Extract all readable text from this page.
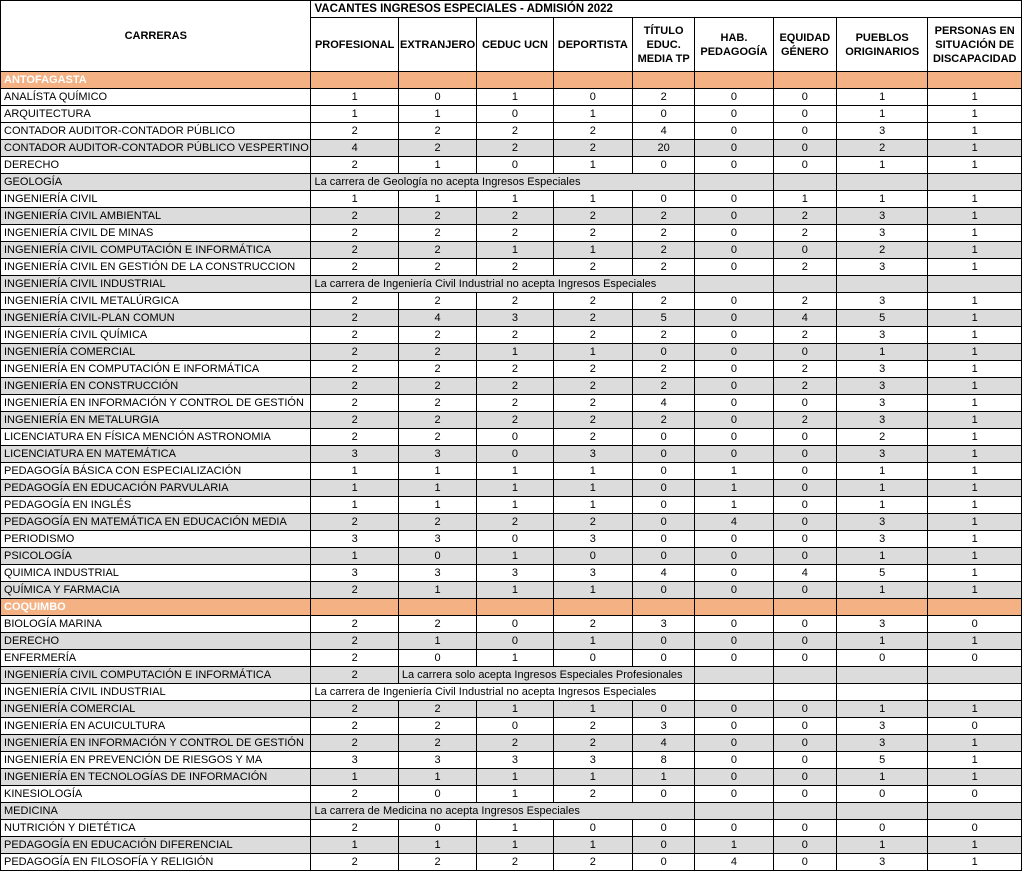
CARRERAS	VACANTES INGRESOS ESPECIALES - ADMISIÓN 2022								
	PROFESIONAL	EXTRANJERO	CEDUC UCN	DEPORTISTA	TÍTULO EDUC. MEDIA TP	HAB. PEDAGOGÍA	EQUIDAD GÉNERO	PUEBLOS ORIGINARIOS	PERSONAS EN SITUACIÓN DE DISCAPACIDAD
ANTOFAGASTA									
ANALÍSTA QUÍMICO	1	0	1	0	2	0	0	1	1
ARQUITECTURA	1	1	0	1	0	0	0	1	1
CONTADOR AUDITOR-CONTADOR PÚBLICO	2	2	2	2	4	0	0	3	1
CONTADOR AUDITOR-CONTADOR PÚBLICO VESPERTINO	4	2	2	2	20	0	0	2	1
DERECHO	2	1	0	1	0	0	0	1	1
GEOLOGÍA	La carrera de Geología no acepta Ingresos Especiales								
INGENIERÍA CIVIL	1	1	1	1	0	0	1	1	1
INGENIERÍA CIVIL AMBIENTAL	2	2	2	2	2	0	2	3	1
INGENIERÍA CIVIL DE MINAS	2	2	2	2	2	0	2	3	1
INGENIERÍA CIVIL COMPUTACIÓN E INFORMÁTICA	2	2	1	1	2	0	0	2	1
INGENIERÍA CIVIL EN GESTIÓN DE LA CONSTRUCCION	2	2	2	2	2	0	2	3	1
INGENIERÍA CIVIL INDUSTRIAL	La carrera de Ingeniería Civil Industrial no acepta Ingresos Especiales								
INGENIERÍA CIVIL METALÚRGICA	2	2	2	2	2	0	2	3	1
INGENIERÍA CIVIL-PLAN COMUN	2	4	3	2	5	0	4	5	1
INGENIERÍA CIVIL QUÍMICA	2	2	2	2	2	0	2	3	1
INGENIERÍA COMERCIAL	2	2	1	1	0	0	0	1	1
INGENIERÍA EN COMPUTACIÓN E INFORMÁTICA	2	2	2	2	2	0	2	3	1
INGENIERÍA EN CONSTRUCCIÓN	2	2	2	2	2	0	2	3	1
INGENIERÍA EN INFORMACIÓN Y CONTROL DE GESTIÓN	2	2	2	2	4	0	0	3	1
INGENIERÍA EN METALURGIA	2	2	2	2	2	0	2	3	1
LICENCIATURA EN FÍSICA MENCIÓN ASTRONOMIA	2	2	0	2	0	0	0	2	1
LICENCIATURA EN MATEMÁTICA	3	3	0	3	0	0	0	3	1
PEDAGOGÍA BÁSICA CON ESPECIALIZACIÓN	1	1	1	1	0	1	0	1	1
PEDAGOGÍA EN EDUCACIÓN PARVULARIA	1	1	1	1	0	1	0	1	1
PEDAGOGÍA EN INGLÉS	1	1	1	1	0	1	0	1	1
PEDAGOGÍA EN MATEMÁTICA EN EDUCACIÓN MEDIA	2	2	2	2	0	4	0	3	1
PERIODISMO	3	3	0	3	0	0	0	3	1
PSICOLOGÍA	1	0	1	0	0	0	0	1	1
QUIMICA INDUSTRIAL	3	3	3	3	4	0	4	5	1
QUÍMICA Y FARMACIA	2	1	1	1	0	0	0	1	1
COQUIMBO									
BIOLOGÍA MARINA	2	2	0	2	3	0	0	3	0
DERECHO	2	1	0	1	0	0	0	1	1
ENFERMERÍA	2	0	1	0	0	0	0	0	0
INGENIERÍA CIVIL COMPUTACIÓN E INFORMÁTICA	2	La carrera solo acepta Ingresos Especiales Profesionales							
INGENIERÍA CIVIL INDUSTRIAL	La carrera de Ingeniería Civil Industrial no acepta Ingresos Especiales								
INGENIERÍA COMERCIAL	2	2	1	1	0	0	0	1	1
INGENIERÍA EN ACUICULTURA	2	2	0	2	3	0	0	3	0
INGENIERÍA EN INFORMACIÓN Y CONTROL DE GESTIÓN	2	2	2	2	4	0	0	3	1
INGENIERÍA EN PREVENCIÓN DE RIESGOS Y MA	3	3	3	3	8	0	0	5	1
INGENIERÍA EN TECNOLOGÍAS DE INFORMACIÓN	1	1	1	1	1	0	0	1	1
KINESIOLOGÍA	2	0	1	2	0	0	0	0	0
MEDICINA	La carrera de Medicina no acepta Ingresos Especiales								
NUTRICIÓN Y DIETÉTICA	2	0	1	0	0	0	0	0	0
PEDAGOGÍA EN EDUCACIÓN DIFERENCIAL	1	1	1	1	0	1	0	1	1
PEDAGOGÍA EN FILOSOFÍA Y RELIGIÓN	2	2	2	2	0	4	0	3	1
